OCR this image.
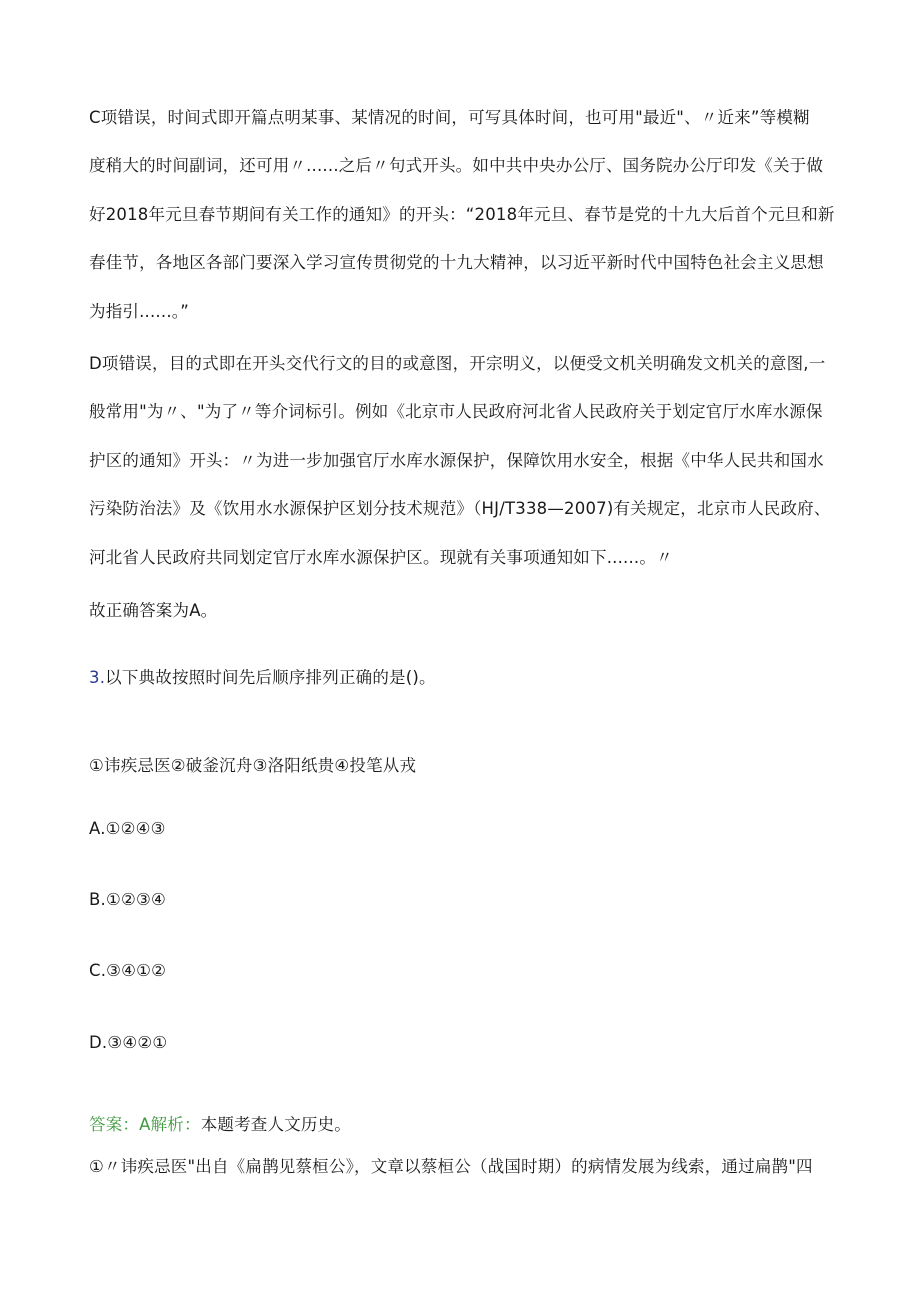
C项错误，时间式即开篇点明某事、某情况的时间，可写具体时间，也可用"最近"、〃近来”等模糊
度稍大的时间副词，还可用〃......之后〃句式开头。如中共中央办公厅、国务院办公厅印发《关于做
好2018年元旦春节期间有关工作的通知》的开头：“2018年元旦、春节是党的十九大后首个元旦和新
春佳节，各地区各部门要深入学习宣传贯彻党的十九大精神，以习近平新时代中国特色社会主义思想
为指引......。”
D项错误，目的式即在开头交代行文的目的或意图，开宗明义，以便受文机关明确发文机关的意图,一
般常用"为〃、"为了〃等介词标引。例如《北京市人民政府河北省人民政府关于划定官厅水库水源保
护区的通知》开头：〃为进一步加强官厅水库水源保护，保障饮用水安全，根据《中华人民共和国水
污染防治法》及《饮用水水源保护区划分技术规范》（HJ/T338—2007)有关规定，北京市人民政府、
河北省人民政府共同划定官厅水库水源保护区。现就有关事项通知如下......。〃
故正确答案为A。
3.以下典故按照时间先后顺序排列正确的是()。
①讳疾忌医②破釜沉舟③洛阳纸贵④投笔从戎
A.①②④③
B.①②③④
C.③④①②
D.③④②①
答案：A解析：本题考查人文历史。
①〃讳疾忌医"出自《扁鹊见蔡桓公》，文章以蔡桓公（战国时期）的病情发展为线索，通过扁鹊"四
